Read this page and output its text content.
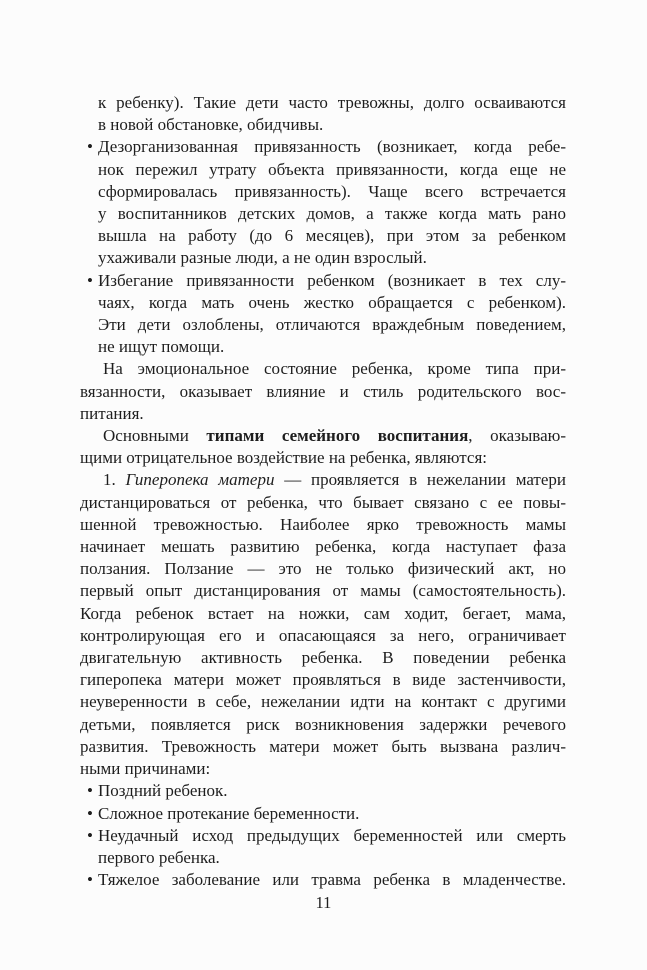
к ребенку). Такие дети часто тревожны, долго осваиваются
в новой обстановке, обидчивы.
• Дезорганизованная привязанность (возникает, когда ребе-
нок пережил утрату объекта привязанности, когда еще не
сформировалась привязанность). Чаще всего встречается
у воспитанников детских домов, а также когда мать рано
вышла на работу (до 6 месяцев), при этом за ребенком
ухаживали разные люди, а не один взрослый.
• Избегание привязанности ребенком (возникает в тех слу-
чаях, когда мать очень жестко обращается с ребенком).
Эти дети озлоблены, отличаются враждебным поведением,
не ищут помощи.
На эмоциональное состояние ребенка, кроме типа при-
вязанности, оказывает влияние и стиль родительского вос-
питания.
Основными типами семейного воспитания, оказываю-
щими отрицательное воздействие на ребенка, являются:
1. Гиперопека матери — проявляется в нежелании матери
дистанцироваться от ребенка, что бывает связано с ее повы-
шенной тревожностью. Наиболее ярко тревожность мамы
начинает мешать развитию ребенка, когда наступает фаза
ползания. Ползание — это не только физический акт, но
первый опыт дистанцирования от мамы (самостоятельность).
Когда ребенок встает на ножки, сам ходит, бегает, мама,
контролирующая его и опасающаяся за него, ограничивает
двигательную активность ребенка. В поведении ребенка
гиперопека матери может проявляться в виде застенчивости,
неуверенности в себе, нежелании идти на контакт с другими
детьми, появляется риск возникновения задержки речевого
развития. Тревожность матери может быть вызвана различ-
ными причинами:
• Поздний ребенок.
• Сложное протекание беременности.
• Неудачный исход предыдущих беременностей или смерть
первого ребенка.
• Тяжелое заболевание или травма ребенка в младенчестве.
11
